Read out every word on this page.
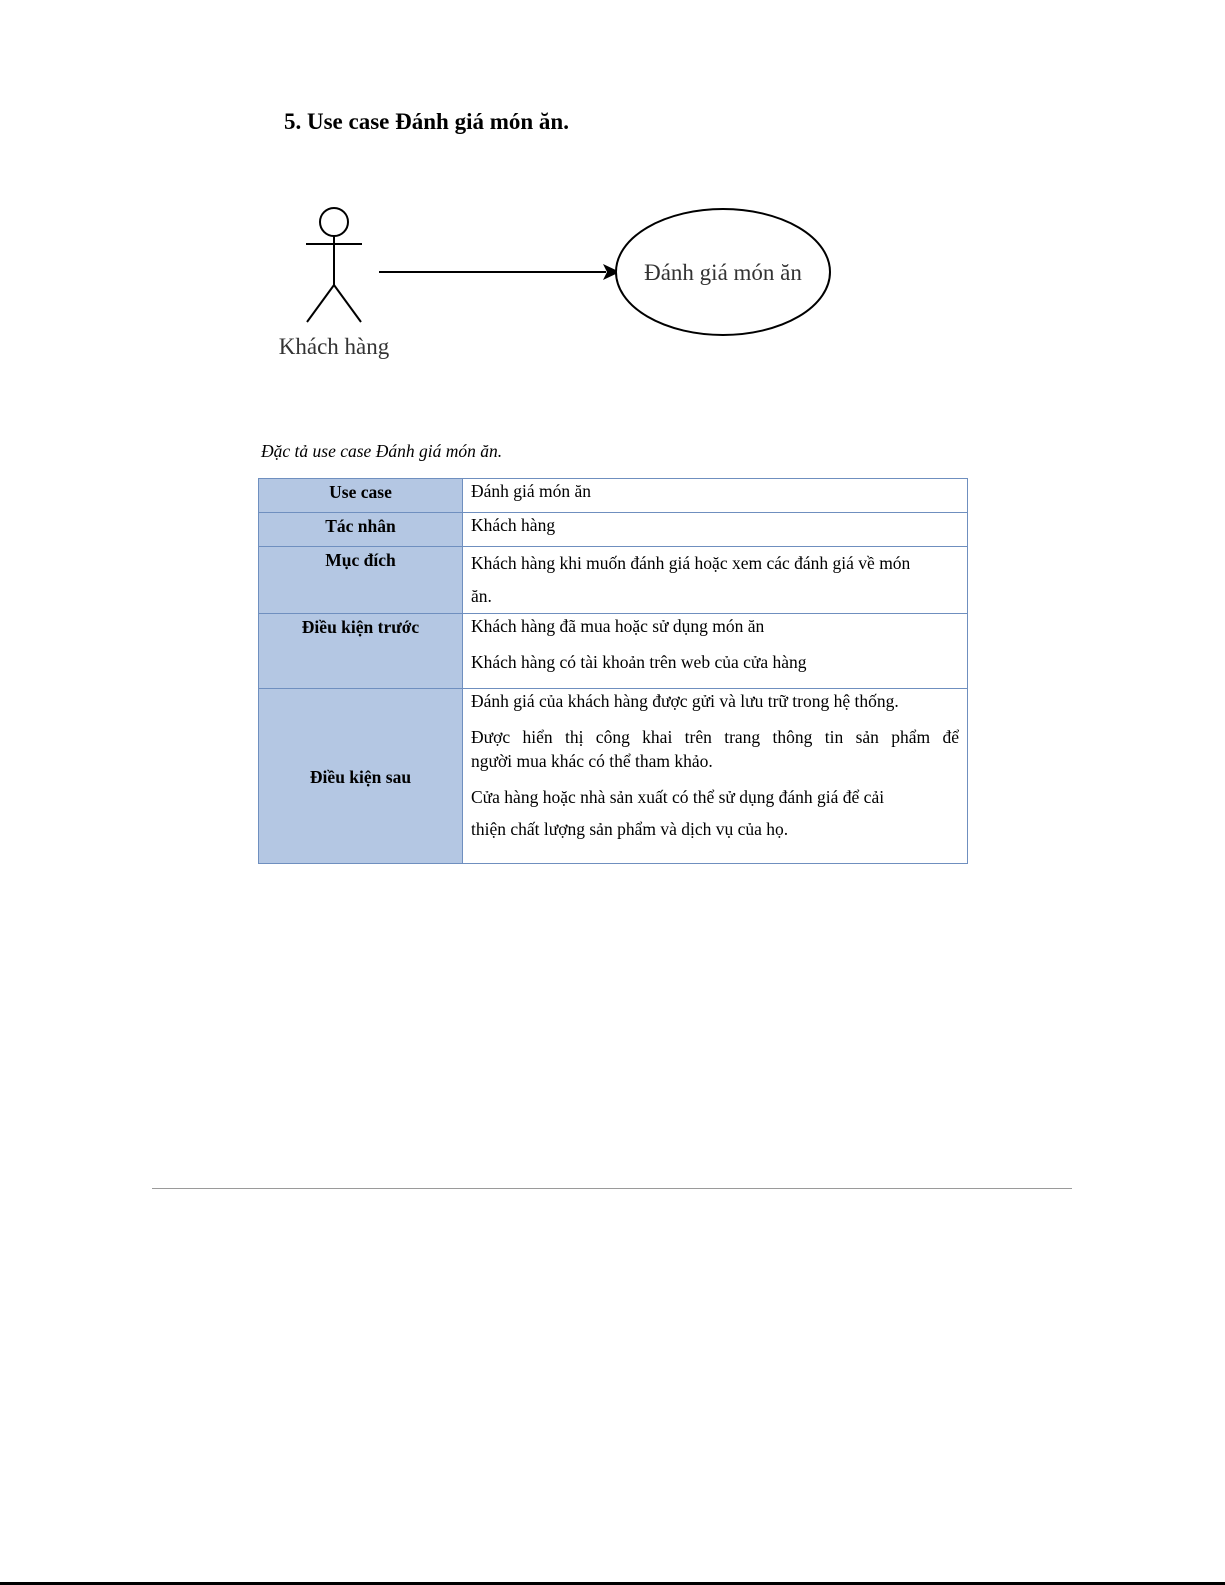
5. Use case Đánh giá món ăn.
Khách hàng
Đánh giá món ăn

Đặc tả use case Đánh giá món ăn.

Use case	Đánh giá món ăn

Tác nhân	Khách hàng

Mục đích	Khách hàng khi muốn đánh giá hoặc xem các đánh giá về món

ăn.

Điều kiện trước	Khách hàng đã mua hoặc sử dụng món ăn

Khách hàng có tài khoản trên web của cửa hàng

Điều kiện sau	Đánh giá của khách hàng được gửi và lưu trữ trong hệ thống.

Được hiển thị công khai trên trang thông tin sản phẩm để

người mua khác có thể tham khảo.

Cửa hàng hoặc nhà sản xuất có thể sử dụng đánh giá để cải

thiện chất lượng sản phẩm và dịch vụ của họ.
